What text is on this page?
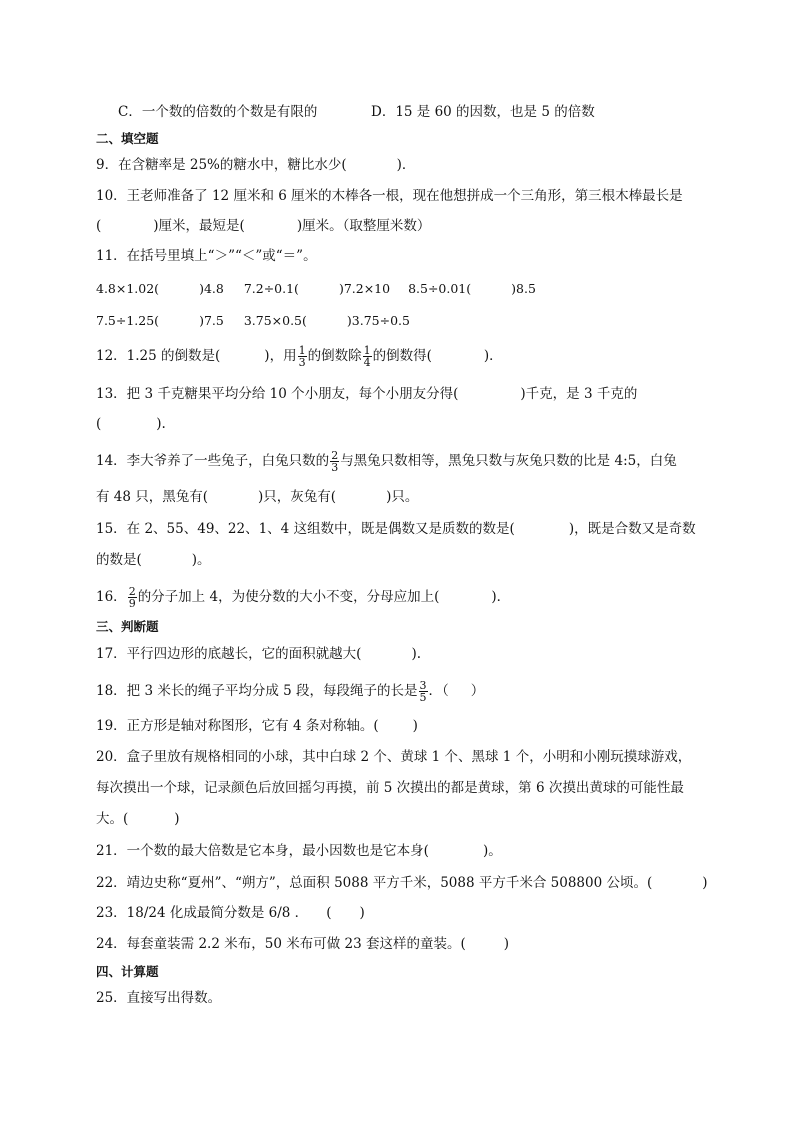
C．一个数的倍数的个数是有限的	D．15 是 60 的因数，也是 5 的倍数
二、填空题
9．在含糖率是 25%的糖水中，糖比水少(	)．
10．王老师准备了 12 厘米和 6 厘米的木棒各一根，现在他想拼成一个三角形，第三根木棒最长是
(	)厘米，最短是(	)厘米。（取整厘米数）
11．在括号里填上“＞”“＜”或“＝”。
4.8×1.02(	)4.8 7.2÷0.1(	)7.2×10 8.5÷0.01(	)8.5
7.5÷1.25(	)7.5 3.75×0.5(	)3.75÷0.5
12．1.25 的倒数是(	)，用 $\frac{1}{3}$ 的倒数除 $\frac{1}{4}$ 的倒数得(	)．
13．把 3 千克糖果平均分给 10 个小朋友，每个小朋友分得(	)千克，是 3 千克的
(	).
14．李大爷养了一些兔子，白兔只数的 $\frac{2}{3}$ 与黑兔只数相等，黑兔只数与灰兔只数的比是 4:5，白兔
有 48 只，黑兔有(	)只，灰兔有(	)只。
15．在 2、55、49、22、1、4 这组数中，既是偶数又是质数的数是(	)，既是合数又是奇数
的数是(	)。
16． $\frac{2}{9}$ 的分子加上 4，为使分数的大小不变，分母应加上(	)．
三、判断题
17．平行四边形的底越长，它的面积就越大(	).
18．把 3 米长的绳子平均分成 5 段，每段绳子的长是 $\frac{3}{5}$ ．（ ）
19．正方形是轴对称图形，它有 4 条对称轴。(	)
20．盒子里放有规格相同的小球，其中白球 2 个、黄球 1 个、黑球 1 个，小明和小刚玩摸球游戏，
每次摸出一个球，记录颜色后放回摇匀再摸，前 5 次摸出的都是黄球，第 6 次摸出黄球的可能性最
大。(	)
21．一个数的最大倍数是它本身，最小因数也是它本身(	)。
22．靖边史称“夏州”、“朔方”，总面积 5088 平方千米，5088 平方千米合 508800 公顷。(	)
23．18/24 化成最简分数是 6/8 ． ( )
24．每套童装需 2.2 米布，50 米布可做 23 套这样的童装。(	)
四、计算题
25．直接写出得数。
